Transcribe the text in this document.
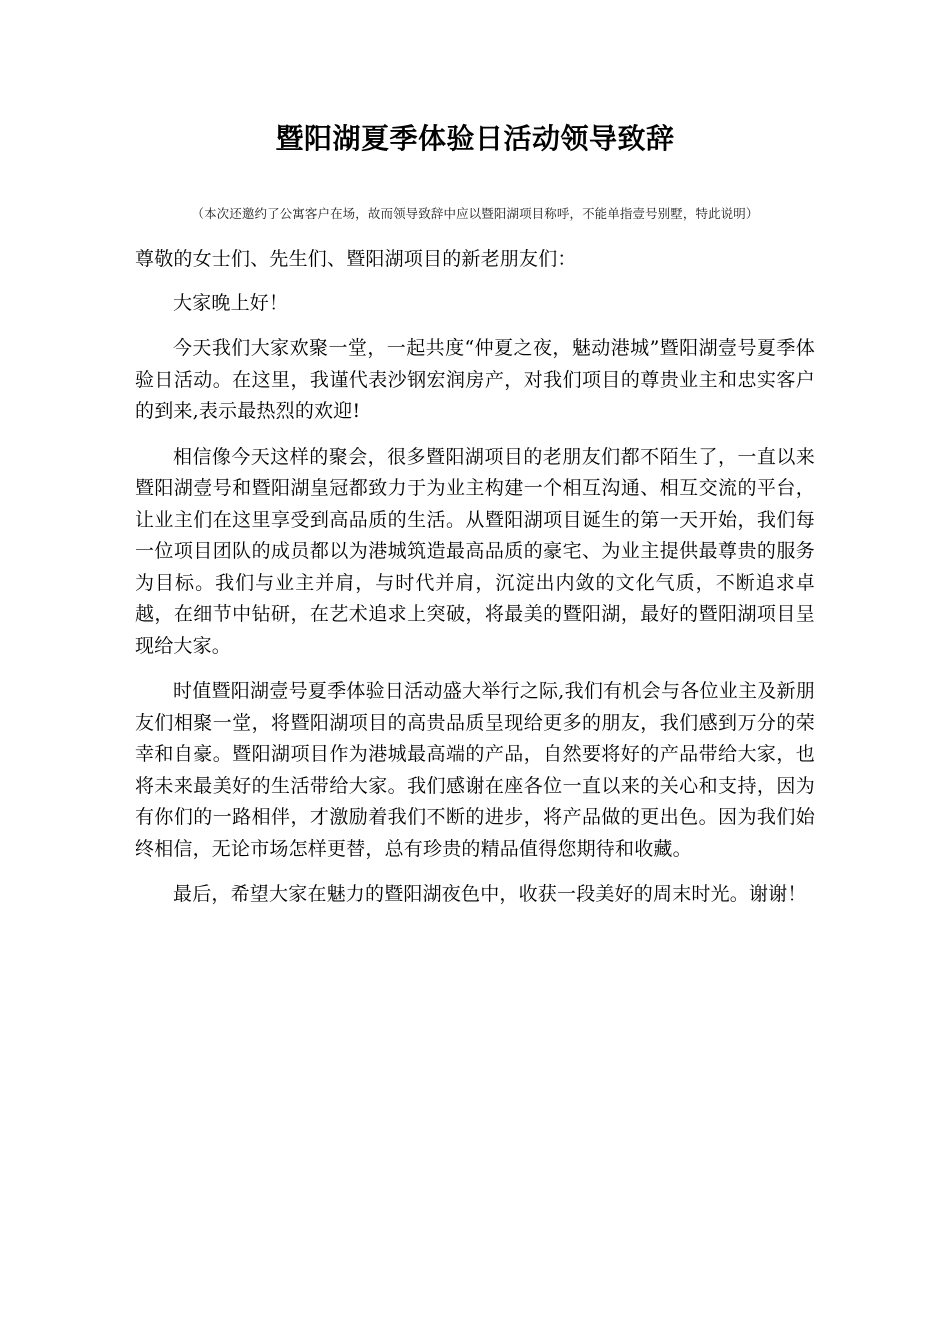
暨阳湖夏季体验日活动领导致辞

（本次还邀约了公寓客户在场，故而领导致辞中应以暨阳湖项目称呼，不能单指壹号别墅，特此说明）

尊敬的女士们、先生们、暨阳湖项目的新老朋友们：

大家晚上好！

今天我们大家欢聚一堂，一起共度“仲夏之夜，魅动港城”暨阳湖壹号夏季体验日活动。在这里，我谨代表沙钢宏润房产，对我们项目的尊贵业主和忠实客户的到来,表示最热烈的欢迎!

相信像今天这样的聚会，很多暨阳湖项目的老朋友们都不陌生了，一直以来暨阳湖壹号和暨阳湖皇冠都致力于为业主构建一个相互沟通、相互交流的平台，让业主们在这里享受到高品质的生活。从暨阳湖项目诞生的第一天开始，我们每一位项目团队的成员都以为港城筑造最高品质的豪宅、为业主提供最尊贵的服务为目标。我们与业主并肩，与时代并肩，沉淀出内敛的文化气质，不断追求卓越，在细节中钻研，在艺术追求上突破，将最美的暨阳湖，最好的暨阳湖项目呈现给大家。

时值暨阳湖壹号夏季体验日活动盛大举行之际,我们有机会与各位业主及新朋友们相聚一堂，将暨阳湖项目的高贵品质呈现给更多的朋友，我们感到万分的荣幸和自豪。暨阳湖项目作为港城最高端的产品，自然要将好的产品带给大家，也将未来最美好的生活带给大家。我们感谢在座各位一直以来的关心和支持，因为有你们的一路相伴，才激励着我们不断的进步，将产品做的更出色。因为我们始终相信，无论市场怎样更替，总有珍贵的精品值得您期待和收藏。

最后，希望大家在魅力的暨阳湖夜色中，收获一段美好的周末时光。谢谢！
